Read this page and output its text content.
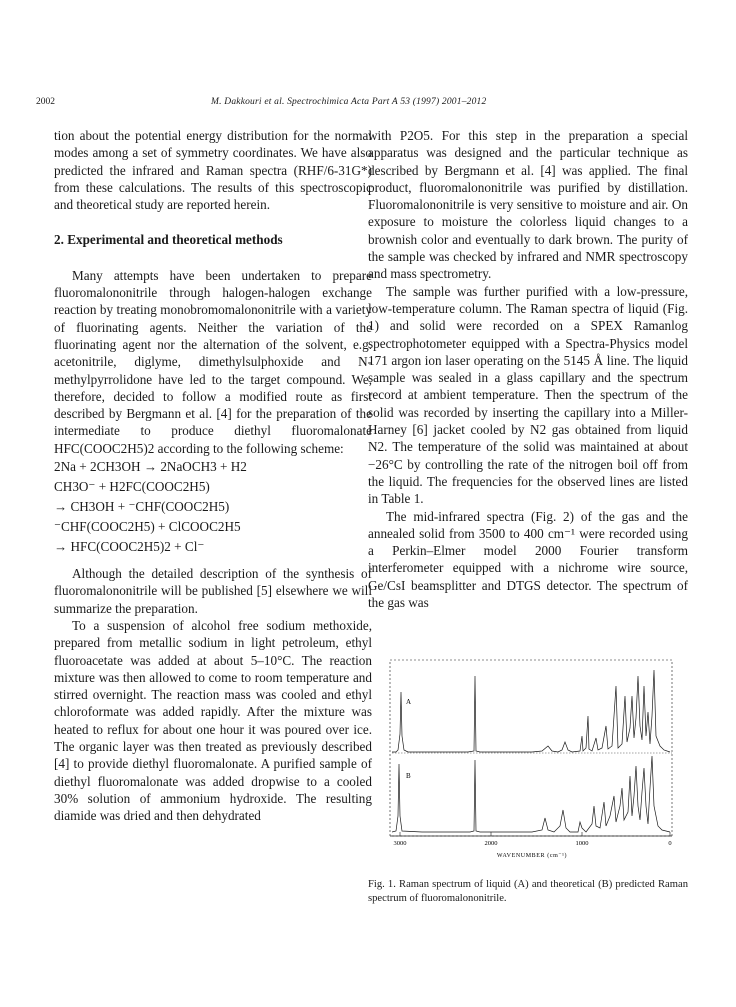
2002	M. Dakkouri et al. Spectrochimica Acta Part A 53 (1997) 2001–2012

tion about the potential energy distribution for the normal modes among a set of symmetry coordinates. We have also predicted the infrared and Raman spectra (RHF/6-31G*) from these calculations. The results of this spectroscopic and theoretical study are reported herein.

2. Experimental and theoretical methods

Many attempts have been undertaken to prepare fluoromalononitrile through halogen-halogen exchange reaction by treating monobromomalononitrile with a variety of fluorinating agents. Neither the variation of the fluorinating agent nor the alternation of the solvent, e.g. acetonitrile, diglyme, dimethylsulphoxide and N-methylpyrrolidone have led to the target compound. We, therefore, decided to follow a modified route as first described by Bergmann et al. [4] for the preparation of the intermediate to produce diethyl fluoromalonate HFC(COOC2H5)2 according to the following scheme:

2Na + 2CH3OH → 2NaOCH3 + H2

CH3O⁻ + H2FC(COOC2H5)

→ CH3OH + ⁻CHF(COOC2H5)

⁻CHF(COOC2H5) + ClCOOC2H5

→ HFC(COOC2H5)2 + Cl⁻

Although the detailed description of the synthesis of fluoromalononitrile will be published [5] elsewhere we will summarize the preparation.

To a suspension of alcohol free sodium methoxide, prepared from metallic sodium in light petroleum, ethyl fluoroacetate was added at about 5–10°C. The reaction mixture was then allowed to come to room temperature and stirred overnight. The reaction mass was cooled and ethyl chloroformate was added rapidly. After the mixture was heated to reflux for about one hour it was poured over ice. The organic layer was then treated as previously described [4] to provide diethyl fluoromalonate. A purified sample of diethyl fluoromalonate was added dropwise to a cooled 30% solution of ammonium hydroxide. The resulting diamide was dried and then dehydrated

with P2O5. For this step in the preparation a special apparatus was designed and the particular technique as described by Bergmann et al. [4] was applied. The final product, fluoromalononitrile was purified by distillation. Fluoromalononitrile is very sensitive to moisture and air. On exposure to moisture the colorless liquid changes to a brownish color and eventually to dark brown. The purity of the sample was checked by infrared and NMR spectroscopy and mass spectrometry.

The sample was further purified with a low-pressure, low-temperature column. The Raman spectra of liquid (Fig. 1) and solid were recorded on a SPEX Ramanlog spectrophotometer equipped with a Spectra-Physics model 171 argon ion laser operating on the 5145 Å line. The liquid sample was sealed in a glass capillary and the spectrum record at ambient temperature. Then the spectrum of the solid was recorded by inserting the capillary into a Miller-Harney [6] jacket cooled by N2 gas obtained from liquid N2. The temperature of the solid was maintained at about −26°C by controlling the rate of the nitrogen boil off from the liquid. The frequencies for the observed lines are listed in Table 1.

The mid-infrared spectra (Fig. 2) of the gas and the annealed solid from 3500 to 400 cm⁻¹ were recorded using a Perkin–Elmer model 2000 Fourier transform interferometer equipped with a nichrome wire source, Ge/CsI beamsplitter and DTGS detector. The spectrum of the gas was

3000	2000	1000	0
WAVENUMBER (cm⁻¹)
A
B
Fig. 1. Raman spectrum of liquid (A) and theoretical (B) predicted Raman spectrum of fluoromalononitrile.
